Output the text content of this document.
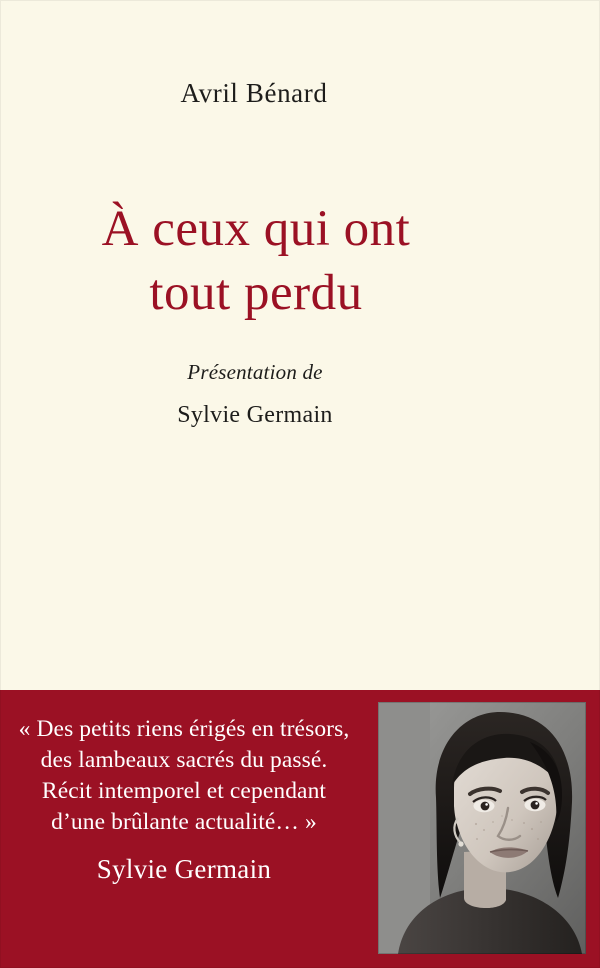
Avril Bénard
À ceux qui ont
tout perdu
Présentation de
Sylvie Germain
« Des petits riens érigés en trésors, des lambeaux sacrés du passé. Récit intemporel et cependant d’une brûlante actualité… »
Sylvie Germain
